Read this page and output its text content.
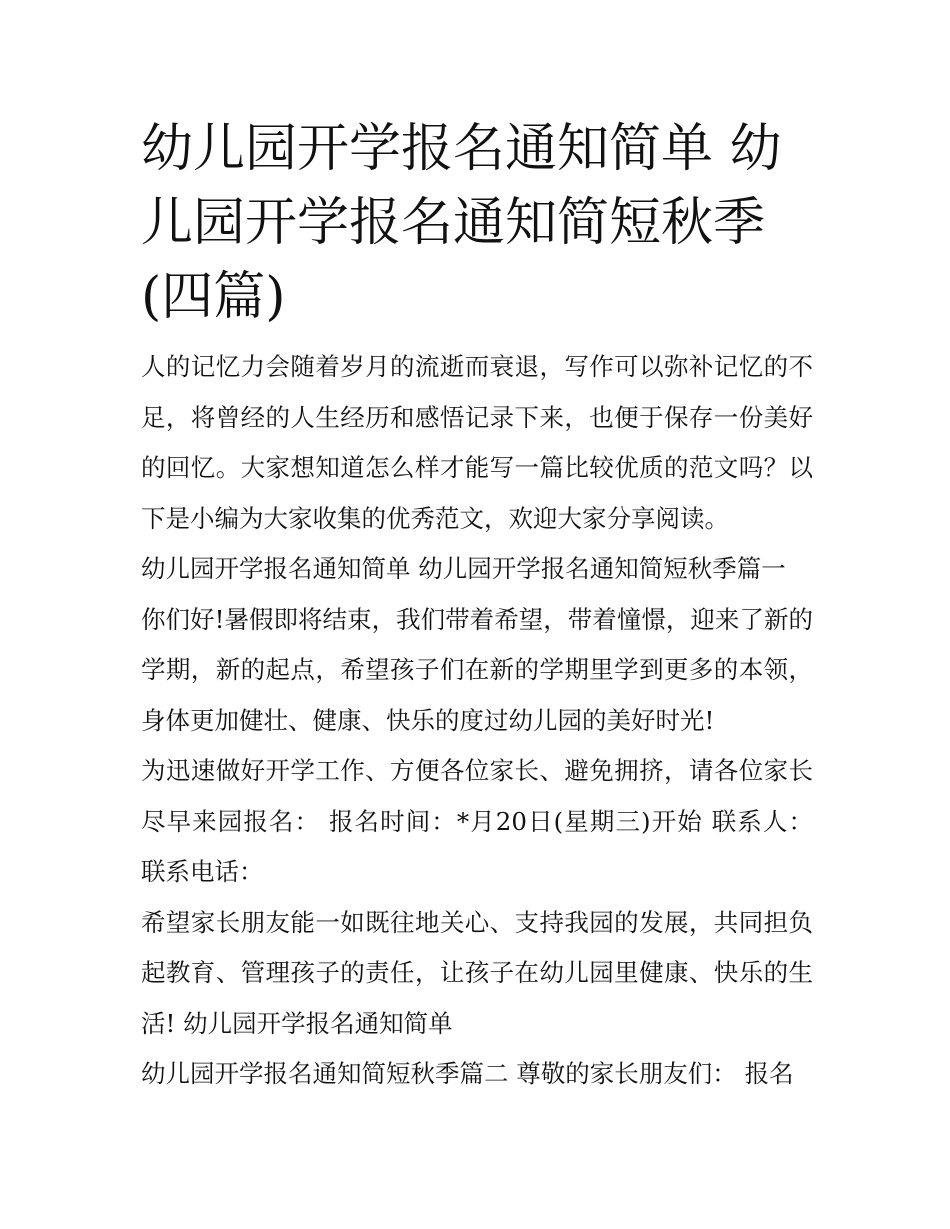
幼儿园开学报名通知简单 幼儿园开学报名通知简短秋季(四篇)

人的记忆力会随着岁月的流逝而衰退，写作可以弥补记忆的不足，将曾经的人生经历和感悟记录下来，也便于保存一份美好的回忆。大家想知道怎么样才能写一篇比较优质的范文吗？以下是小编为大家收集的优秀范文，欢迎大家分享阅读。

幼儿园开学报名通知简单 幼儿园开学报名通知简短秋季篇一

你们好!暑假即将结束，我们带着希望，带着憧憬，迎来了新的学期，新的起点，希望孩子们在新的学期里学到更多的本领，身体更加健壮、健康、快乐的度过幼儿园的美好时光!

为迅速做好开学工作、方便各位家长、避免拥挤，请各位家长尽早来园报名： 报名时间：*月20日(星期三)开始 联系人： 联系电话：

希望家长朋友能一如既往地关心、支持我园的发展，共同担负起教育、管理孩子的责任，让孩子在幼儿园里健康、快乐的生活! 幼儿园开学报名通知简单

幼儿园开学报名通知简短秋季篇二 尊敬的家长朋友们： 报名
